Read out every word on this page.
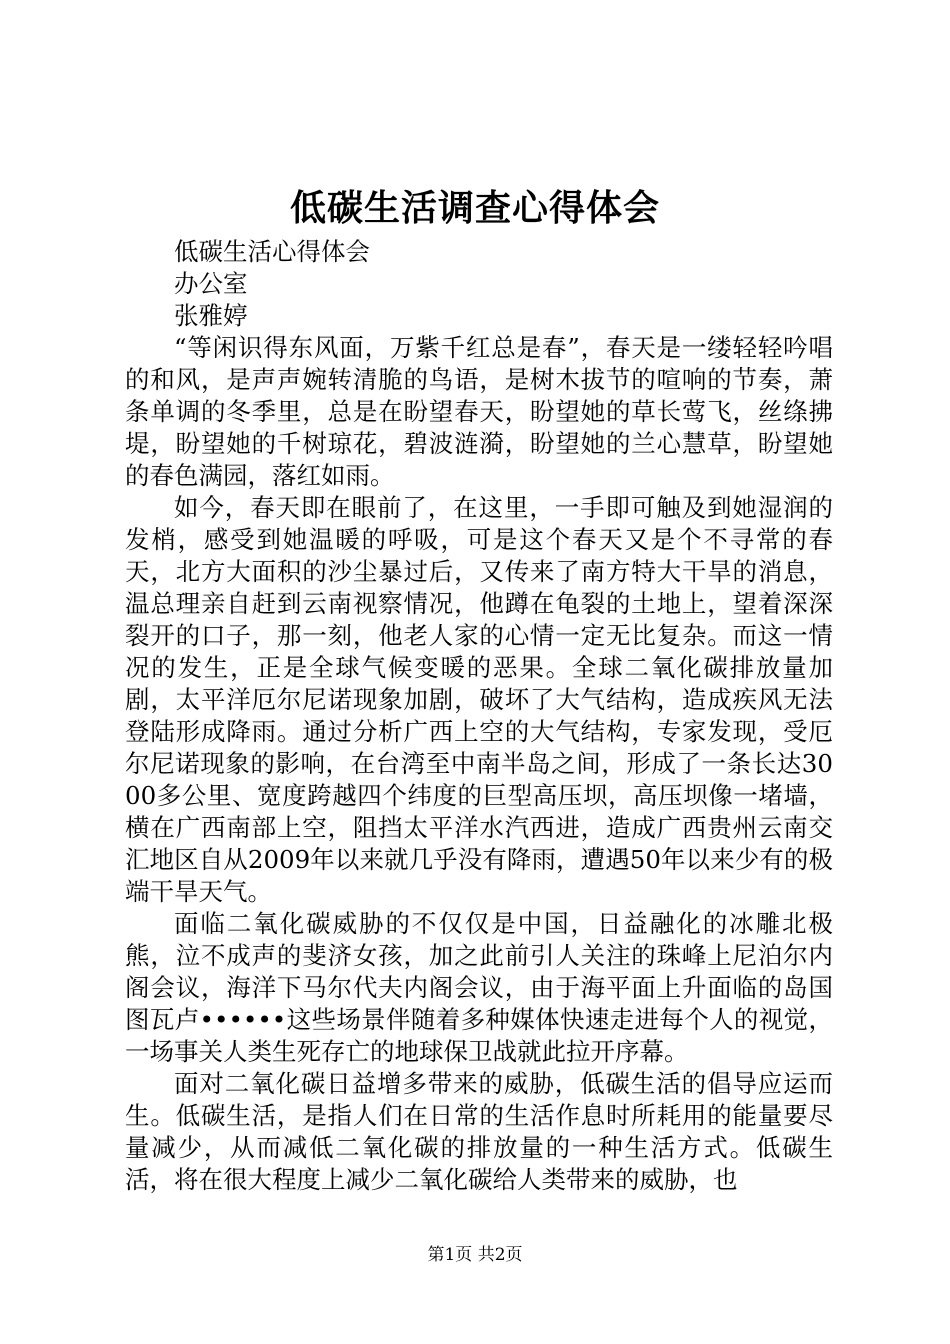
低碳生活调查心得体会

低碳生活心得体会

办公室

张雅婷

“等闲识得东风面，万紫千红总是春”，春天是一缕轻轻吟唱的和风，是声声婉转清脆的鸟语，是树木拔节的喧响的节奏，萧条单调的冬季里，总是在盼望春天，盼望她的草长莺飞，丝绦拂堤，盼望她的千树琼花，碧波涟漪，盼望她的兰心慧草，盼望她的春色满园，落红如雨。

如今，春天即在眼前了，在这里，一手即可触及到她湿润的发梢，感受到她温暖的呼吸，可是这个春天又是个不寻常的春天，北方大面积的沙尘暴过后，又传来了南方特大干旱的消息，温总理亲自赶到云南视察情况，他蹲在龟裂的土地上，望着深深裂开的口子，那一刻，他老人家的心情一定无比复杂。而这一情况的发生，正是全球气候变暖的恶果。全球二氧化碳排放量加剧，太平洋厄尔尼诺现象加剧，破坏了大气结构，造成疾风无法登陆形成降雨。通过分析广西上空的大气结构，专家发现，受厄尔尼诺现象的影响，在台湾至中南半岛之间，形成了一条长达3000多公里、宽度跨越四个纬度的巨型高压坝，高压坝像一堵墙，横在广西南部上空，阻挡太平洋水汽西进，造成广西贵州云南交汇地区自从2009年以来就几乎没有降雨，遭遇50年以来少有的极端干旱天气。

面临二氧化碳威胁的不仅仅是中国，日益融化的冰雕北极熊，泣不成声的斐济女孩，加之此前引人关注的珠峰上尼泊尔内阁会议，海洋下马尔代夫内阁会议，由于海平面上升面临的岛国图瓦卢••••••这些场景伴随着多种媒体快速走进每个人的视觉，一场事关人类生死存亡的地球保卫战就此拉开序幕。

面对二氧化碳日益增多带来的威胁，低碳生活的倡导应运而生。低碳生活，是指人们在日常的生活作息时所耗用的能量要尽量减少，从而减低二氧化碳的排放量的一种生活方式。低碳生活，将在很大程度上减少二氧化碳给人类带来的威胁，也

第1页 共2页
